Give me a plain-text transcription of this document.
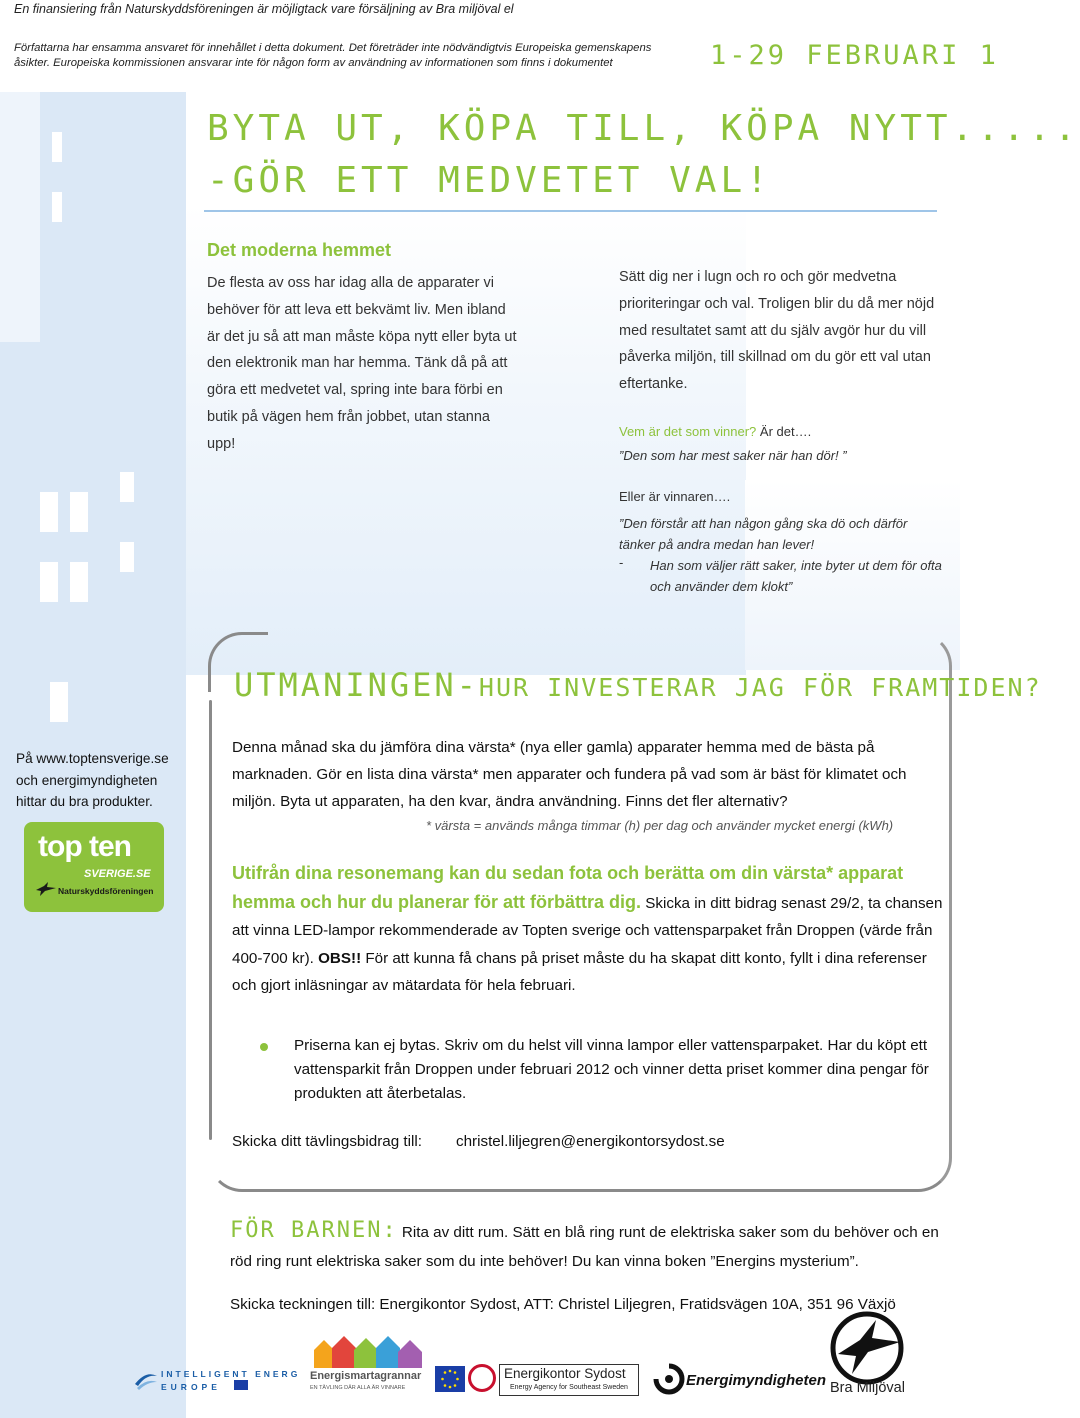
En finansiering från Naturskyddsföreningen är möjligtack vare försäljning av Bra miljöval el
Författarna har ensamma ansvaret för innehållet i detta dokument. Det företräder inte nödvändigtvis Europeiska gemenskapens
åsikter. Europeiska kommissionen ansvarar inte för någon form av användning av informationen som finns i dokumentet	1-29 FEBRUARI 1
BYTA UT, KÖPA TILL, KÖPA NYTT.....
-GÖR ETT MEDVETET VAL!
Det moderna hemmet
De flesta av oss har idag alla de apparater vi behöver för att leva ett bekvämt liv. Men ibland är det ju så att man måste köpa nytt eller byta ut den elektronik man har hemma. Tänk då på att göra ett medvetet val, spring inte bara förbi en butik på vägen hem från jobbet, utan stanna upp!
Sätt dig ner i lugn och ro och gör medvetna prioriteringar och val. Troligen blir du då mer nöjd med resultatet samt att du själv avgör hur du vill påverka miljön, till skillnad om du gör ett val utan eftertanke.
Vem är det som vinner? Är det….
”Den som har mest saker när han dör! ”
Eller är vinnaren….
”Den förstår att han någon gång ska dö och därför tänker på andra medan han lever!
- Han som väljer rätt saker, inte byter ut dem för ofta och använder dem klokt”
UTMANINGEN-HUR INVESTERAR JAG FÖR FRAMTIDEN?
På www.toptensverige.se och energimyndigheten hittar du bra produkter.
top ten
SVERIGE.SE
Naturskyddsföreningen
Denna månad ska du jämföra dina värsta* (nya eller gamla) apparater hemma med de bästa på marknaden. Gör en lista dina värsta* men apparater och fundera på vad som är bäst för klimatet och miljön. Byta ut apparaten, ha den kvar, ändra användning. Finns det fler alternativ?
* värsta = används många timmar (h) per dag och använder mycket energi (kWh)
Utifrån dina resonemang kan du sedan fota och berätta om din värsta* apparat hemma och hur du planerar för att förbättra dig. Skicka in ditt bidrag senast 29/2, ta chansen att vinna LED-lampor rekommenderade av Topten sverige och vattensparpaket från Droppen (värde från 400-700 kr). OBS!! För att kunna få chans på priset måste du ha skapat ditt konto, fyllt i dina referenser och gjort inläsningar av mätardata för hela februari.
Priserna kan ej bytas. Skriv om du helst vill vinna lampor eller vattensparpaket. Har du köpt ett vattensparkit från Droppen under februari 2012 och vinner detta priset kommer dina pengar för produkten att återbetalas.
Skicka ditt tävlingsbidrag till: christel.liljegren@energikontorsydost.se
FÖR BARNEN: Rita av ditt rum. Sätt en blå ring runt de elektriska saker som du behöver och en röd ring runt elektriska saker som du inte behöver! Du kan vinna boken ”Energins mysterium”.
Skicka teckningen till: Energikontor Sydost, ATT: Christel Liljegren, Fratidsvägen 10A, 351 96 Växjö
INTELLIGENT ENERG
EUROPE
Energismartagrannar
EN TÄVLING DÄR ALLA ÄR VINNARE
Energikontor Sydost
Energy Agency for Southeast Sweden	Energimyndigheten Bra Miljöval
